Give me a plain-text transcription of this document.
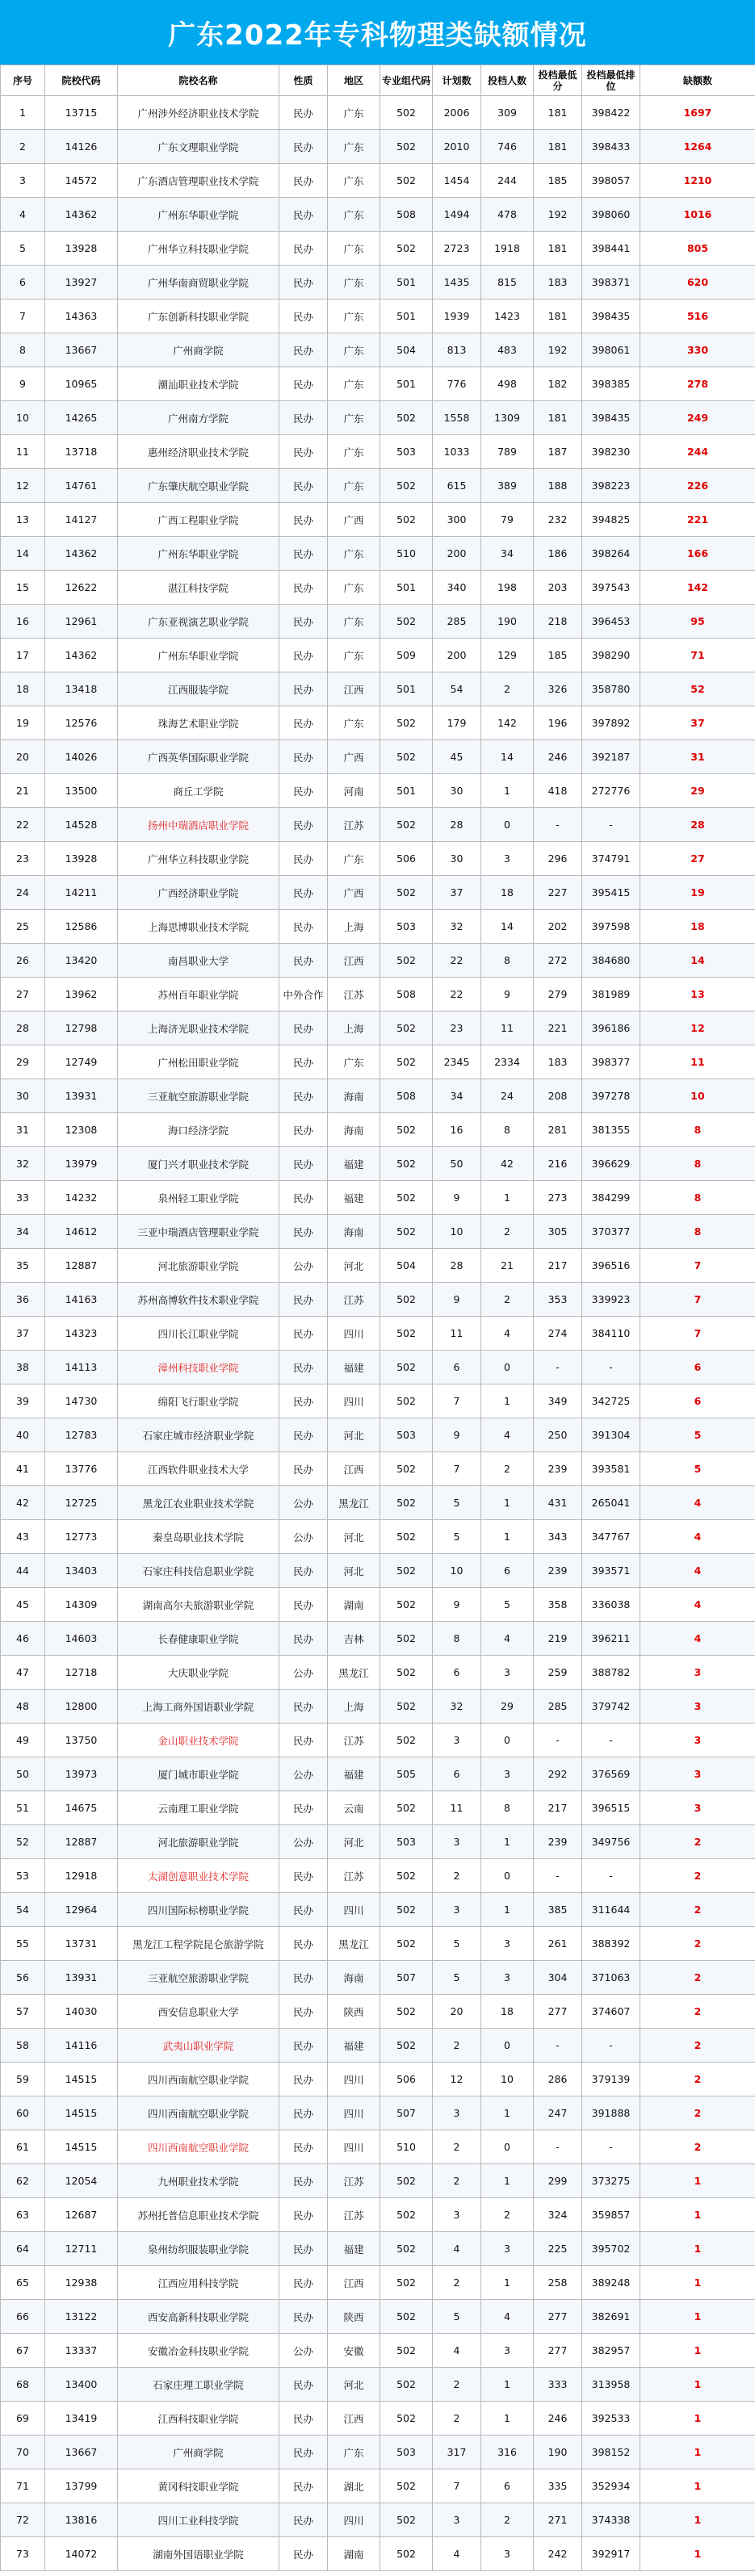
广东2022年专科物理类缺额情况
序号	院校代码	院校名称	性质	地区	专业组代码	计划数	投档人数	投档最低分	投档最低排位	缺额数
1	13715	广州涉外经济职业技术学院	民办	广东	502	2006	309	181	398422	1697
2	14126	广东文理职业学院	民办	广东	502	2010	746	181	398433	1264
3	14572	广东酒店管理职业技术学院	民办	广东	502	1454	244	185	398057	1210
4	14362	广州东华职业学院	民办	广东	508	1494	478	192	398060	1016
5	13928	广州华立科技职业学院	民办	广东	502	2723	1918	181	398441	805
6	13927	广州华南商贸职业学院	民办	广东	501	1435	815	183	398371	620
7	14363	广东创新科技职业学院	民办	广东	501	1939	1423	181	398435	516
8	13667	广州商学院	民办	广东	504	813	483	192	398061	330
9	10965	潮汕职业技术学院	民办	广东	501	776	498	182	398385	278
10	14265	广州南方学院	民办	广东	502	1558	1309	181	398435	249
11	13718	惠州经济职业技术学院	民办	广东	503	1033	789	187	398230	244
12	14761	广东肇庆航空职业学院	民办	广东	502	615	389	188	398223	226
13	14127	广西工程职业学院	民办	广西	502	300	79	232	394825	221
14	14362	广州东华职业学院	民办	广东	510	200	34	186	398264	166
15	12622	湛江科技学院	民办	广东	501	340	198	203	397543	142
16	12961	广东亚视演艺职业学院	民办	广东	502	285	190	218	396453	95
17	14362	广州东华职业学院	民办	广东	509	200	129	185	398290	71
18	13418	江西服装学院	民办	江西	501	54	2	326	358780	52
19	12576	珠海艺术职业学院	民办	广东	502	179	142	196	397892	37
20	14026	广西英华国际职业学院	民办	广西	502	45	14	246	392187	31
21	13500	商丘工学院	民办	河南	501	30	1	418	272776	29
22	14528	扬州中瑞酒店职业学院	民办	江苏	502	28	0	-	-	28
23	13928	广州华立科技职业学院	民办	广东	506	30	3	296	374791	27
24	14211	广西经济职业学院	民办	广西	502	37	18	227	395415	19
25	12586	上海思博职业技术学院	民办	上海	503	32	14	202	397598	18
26	13420	南昌职业大学	民办	江西	502	22	8	272	384680	14
27	13962	苏州百年职业学院	中外合作	江苏	508	22	9	279	381989	13
28	12798	上海济光职业技术学院	民办	上海	502	23	11	221	396186	12
29	12749	广州松田职业学院	民办	广东	502	2345	2334	183	398377	11
30	13931	三亚航空旅游职业学院	民办	海南	508	34	24	208	397278	10
31	12308	海口经济学院	民办	海南	502	16	8	281	381355	8
32	13979	厦门兴才职业技术学院	民办	福建	502	50	42	216	396629	8
33	14232	泉州轻工职业学院	民办	福建	502	9	1	273	384299	8
34	14612	三亚中瑞酒店管理职业学院	民办	海南	502	10	2	305	370377	8
35	12887	河北旅游职业学院	公办	河北	504	28	21	217	396516	7
36	14163	苏州高博软件技术职业学院	民办	江苏	502	9	2	353	339923	7
37	14323	四川长江职业学院	民办	四川	502	11	4	274	384110	7
38	14113	漳州科技职业学院	民办	福建	502	6	0	-	-	6
39	14730	绵阳飞行职业学院	民办	四川	502	7	1	349	342725	6
40	12783	石家庄城市经济职业学院	民办	河北	503	9	4	250	391304	5
41	13776	江西软件职业技术大学	民办	江西	502	7	2	239	393581	5
42	12725	黑龙江农业职业技术学院	公办	黑龙江	502	5	1	431	265041	4
43	12773	秦皇岛职业技术学院	公办	河北	502	5	1	343	347767	4
44	13403	石家庄科技信息职业学院	民办	河北	502	10	6	239	393571	4
45	14309	湖南高尔夫旅游职业学院	民办	湖南	502	9	5	358	336038	4
46	14603	长春健康职业学院	民办	吉林	502	8	4	219	396211	4
47	12718	大庆职业学院	公办	黑龙江	502	6	3	259	388782	3
48	12800	上海工商外国语职业学院	民办	上海	502	32	29	285	379742	3
49	13750	金山职业技术学院	民办	江苏	502	3	0	-	-	3
50	13973	厦门城市职业学院	公办	福建	505	6	3	292	376569	3
51	14675	云南理工职业学院	民办	云南	502	11	8	217	396515	3
52	12887	河北旅游职业学院	公办	河北	503	3	1	239	349756	2
53	12918	太湖创意职业技术学院	民办	江苏	502	2	0	-	-	2
54	12964	四川国际标榜职业学院	民办	四川	502	3	1	385	311644	2
55	13731	黑龙江工程学院昆仑旅游学院	民办	黑龙江	502	5	3	261	388392	2
56	13931	三亚航空旅游职业学院	民办	海南	507	5	3	304	371063	2
57	14030	西安信息职业大学	民办	陕西	502	20	18	277	374607	2
58	14116	武夷山职业学院	民办	福建	502	2	0	-	-	2
59	14515	四川西南航空职业学院	民办	四川	506	12	10	286	379139	2
60	14515	四川西南航空职业学院	民办	四川	507	3	1	247	391888	2
61	14515	四川西南航空职业学院	民办	四川	510	2	0	-	-	2
62	12054	九州职业技术学院	民办	江苏	502	2	1	299	373275	1
63	12687	苏州托普信息职业技术学院	民办	江苏	502	3	2	324	359857	1
64	12711	泉州纺织服装职业学院	民办	福建	502	4	3	225	395702	1
65	12938	江西应用科技学院	民办	江西	502	2	1	258	389248	1
66	13122	西安高新科技职业学院	民办	陕西	502	5	4	277	382691	1
67	13337	安徽冶金科技职业学院	公办	安徽	502	4	3	277	382957	1
68	13400	石家庄理工职业学院	民办	河北	502	2	1	333	313958	1
69	13419	江西科技职业学院	民办	江西	502	2	1	246	392533	1
70	13667	广州商学院	民办	广东	503	317	316	190	398152	1
71	13799	黄冈科技职业学院	民办	湖北	502	7	6	335	352934	1
72	13816	四川工业科技学院	民办	四川	502	3	2	271	374338	1
73	14072	湖南外国语职业学院	民办	湖南	502	4	3	242	392917	1
